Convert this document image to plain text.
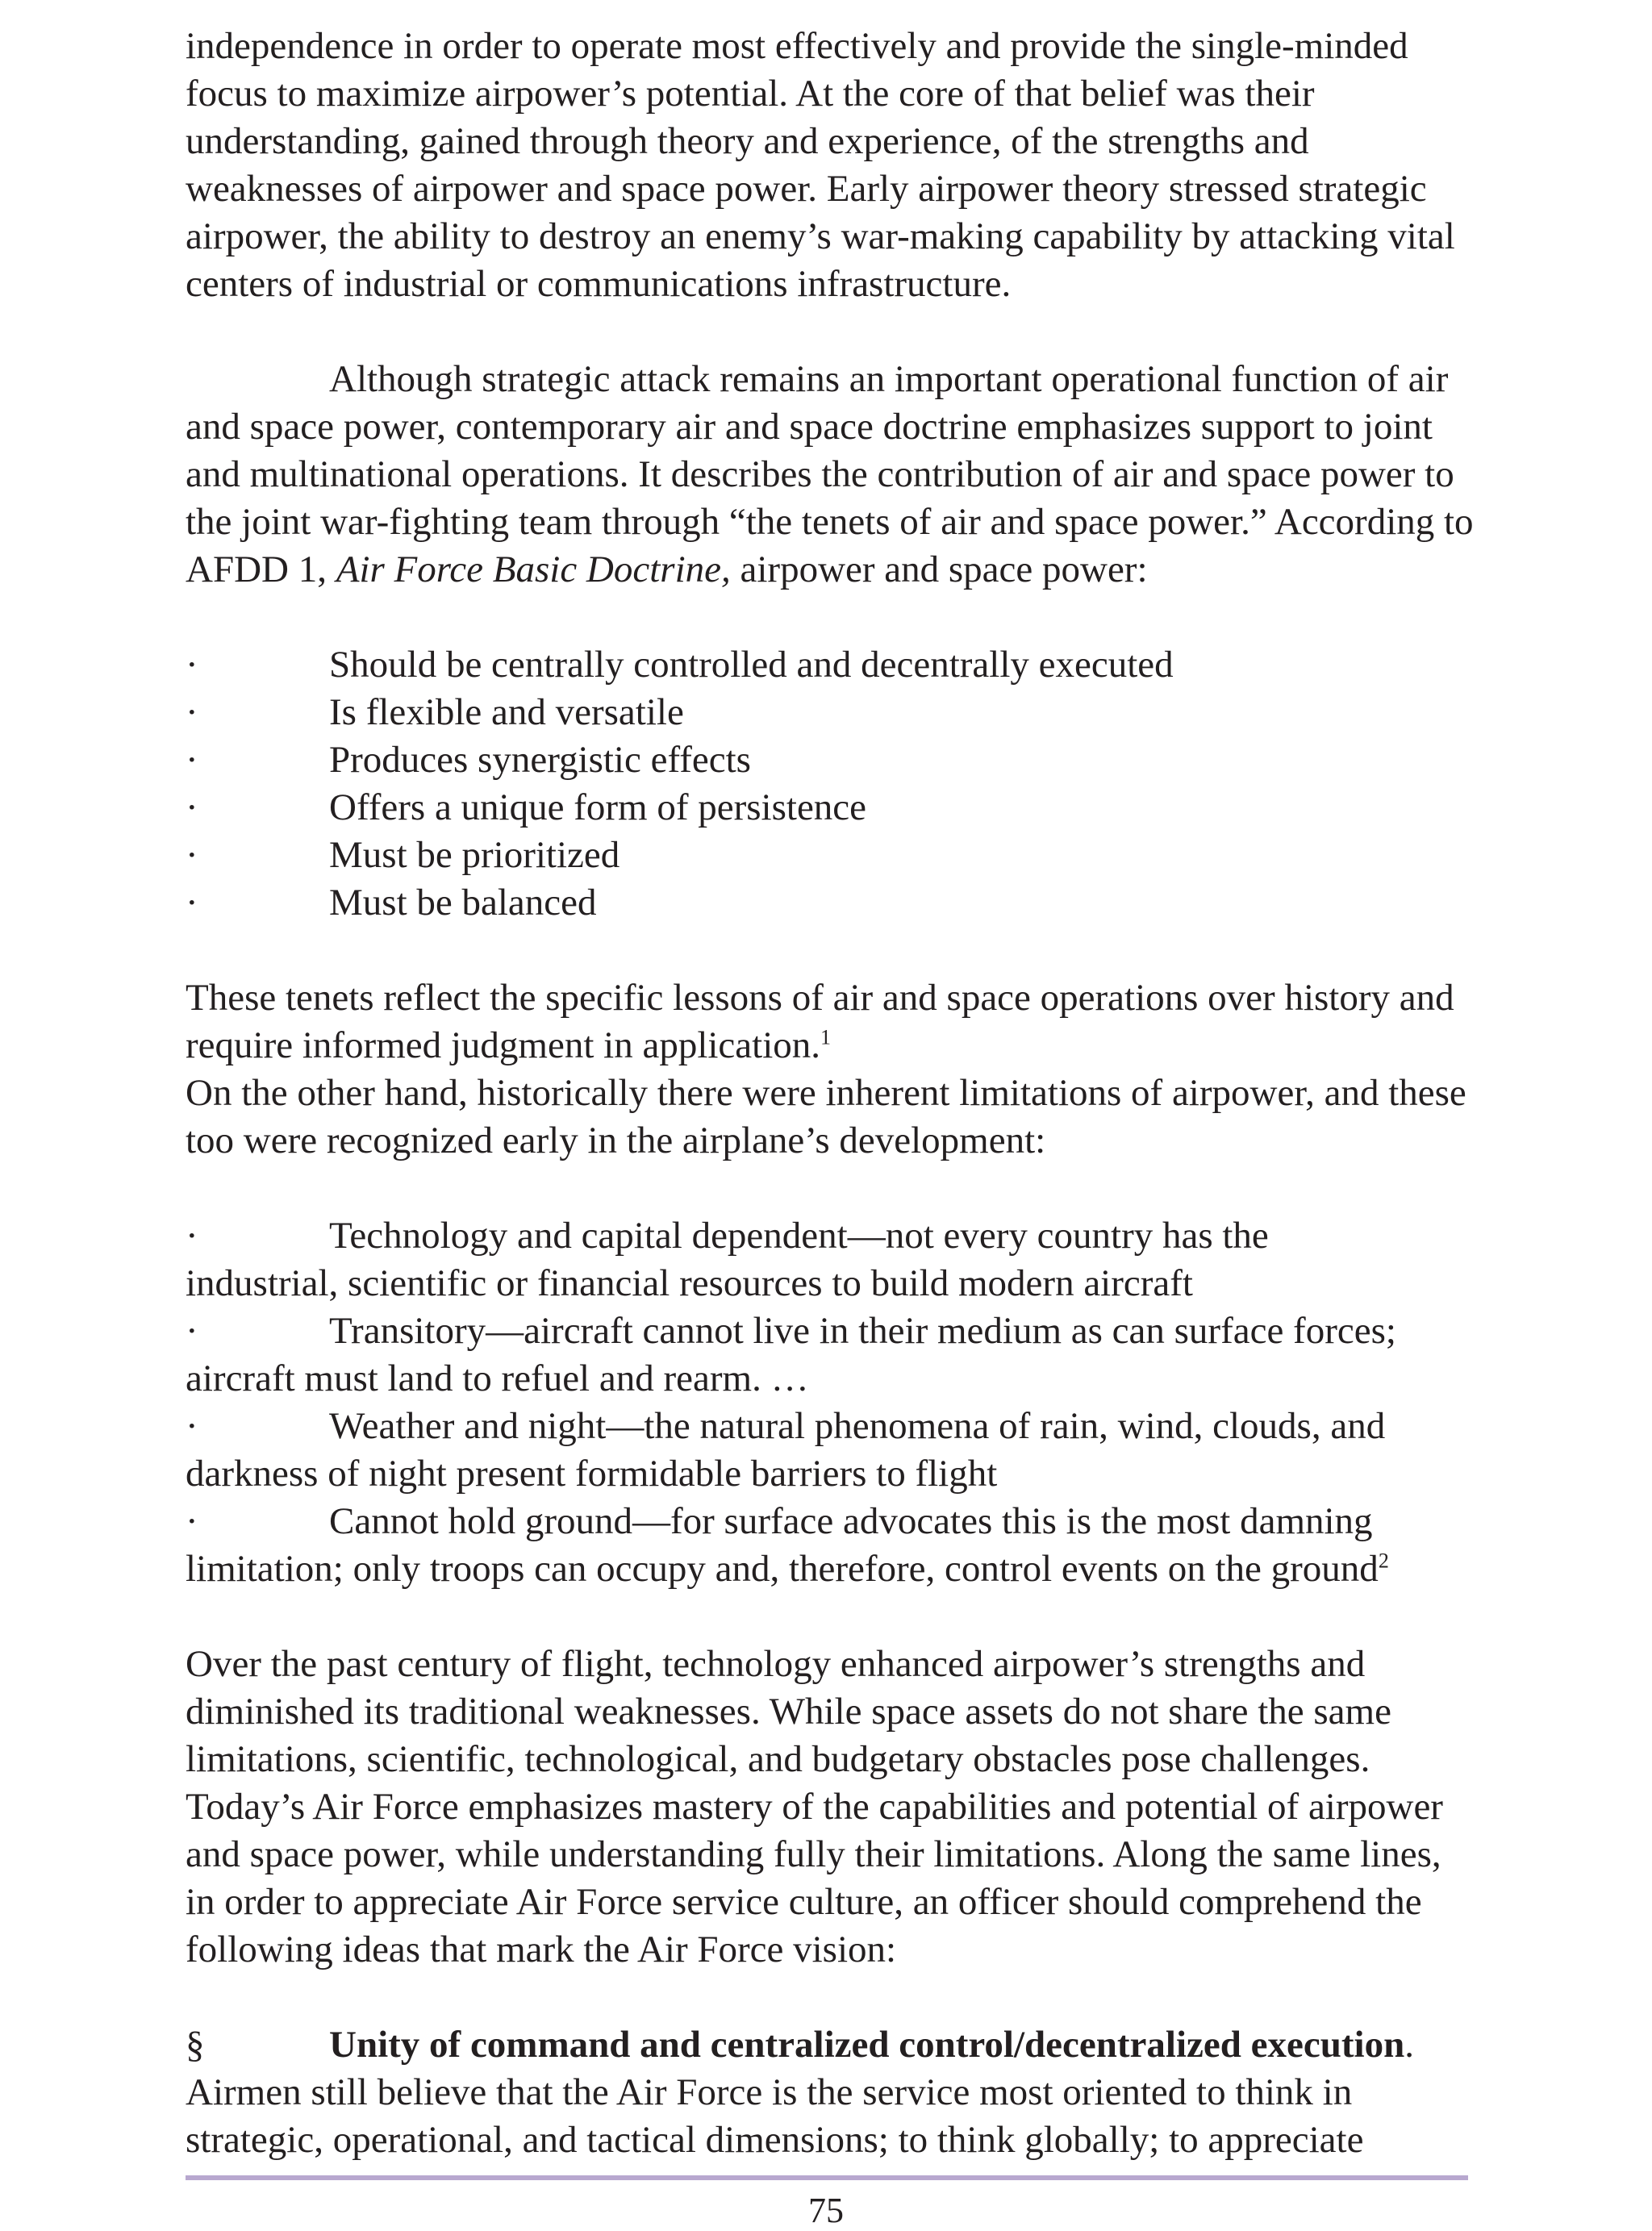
independence in order to operate most effectively and provide the single-minded focus to maximize airpower’s potential. At the core of that belief was their understanding, gained through theory and experience, of the strengths and weaknesses of airpower and space power. Early airpower theory stressed strategic airpower, the ability to destroy an enemy’s war-making capability by attacking vital centers of industrial or communications infrastructure.

Although strategic attack remains an important operational function of air and space power, contemporary air and space doctrine emphasizes support to joint and multinational operations. It describes the contribution of air and space power to the joint war-fighting team through “the tenets of air and space power.” According to AFDD 1, Air Force Basic Doctrine, airpower and space power:

·	Should be centrally controlled and decentrally executed
·	Is flexible and versatile
·	Produces synergistic effects
·	Offers a unique form of persistence
·	Must be prioritized
·	Must be balanced

These tenets reflect the specific lessons of air and space operations over history and require informed judgment in application.$^1$

On the other hand, historically there were inherent limitations of airpower, and these too were recognized early in the airplane’s development:

·	Technology and capital dependent—not every country has the
industrial, scientific or financial resources to build modern aircraft

·	Transitory—aircraft cannot live in their medium as can surface forces;
aircraft must land to refuel and rearm. …

·	Weather and night—the natural phenomena of rain, wind, clouds, and
darkness of night present formidable barriers to flight

·	Cannot hold ground—for surface advocates this is the most damning
limitation; only troops can occupy and, therefore, control events on the ground$^2$

Over the past century of flight, technology enhanced airpower’s strengths and diminished its traditional weaknesses. While space assets do not share the same limitations, scientific, technological, and budgetary obstacles pose challenges. Today’s Air Force emphasizes mastery of the capabilities and potential of airpower and space power, while understanding fully their limitations. Along the same lines, in order to appreciate Air Force service culture, an officer should comprehend the following ideas that mark the Air Force vision:

§	Unity of command and centralized control/decentralized execution.
Airmen still believe that the Air Force is the service most oriented to think in strategic, operational, and tactical dimensions; to think globally; to appreciate

75
